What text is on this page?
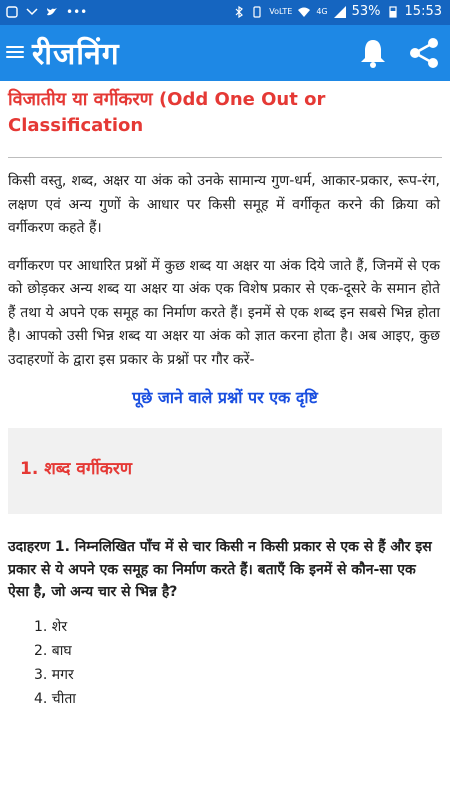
•••	VoLTE	4G 53% 15:53
रीजनिंग
विजातीय या वर्गीकरण (Odd One Out or Classification

किसी वस्तु, शब्द, अक्षर या अंक को उनके सामान्य गुण-धर्म, आकार-प्रकार, रूप-रंग, लक्षण एवं अन्य गुणों के आधार पर किसी समूह में वर्गीकृत करने की क्रिया को वर्गीकरण कहते हैं।

वर्गीकरण पर आधारित प्रश्नों में कुछ शब्द या अक्षर या अंक दिये जाते हैं, जिनमें से एक को छोड़कर अन्य शब्द या अक्षर या अंक एक विशेष प्रकार से एक-दूसरे के समान होते हैं तथा ये अपने एक समूह का निर्माण करते हैं। इनमें से एक शब्द इन सबसे भिन्न होता है। आपको उसी भिन्न शब्द या अक्षर या अंक को ज्ञात करना होता है। अब आइए, कुछ उदाहरणों के द्वारा इस प्रकार के प्रश्नों पर गौर करें-

पूछे जाने वाले प्रश्नों पर एक दृष्टि
1. शब्द वर्गीकरण
उदाहरण 1. निम्नलिखित पाँच में से चार किसी न किसी प्रकार से एक से हैं और इस प्रकार से ये अपने एक समूह का निर्माण करते हैं। बताएँ कि इनमें से कौन-सा एक ऐसा है, जो अन्य चार से भिन्न है?
1. शेर
2. बाघ
3. मगर
4. चीता
